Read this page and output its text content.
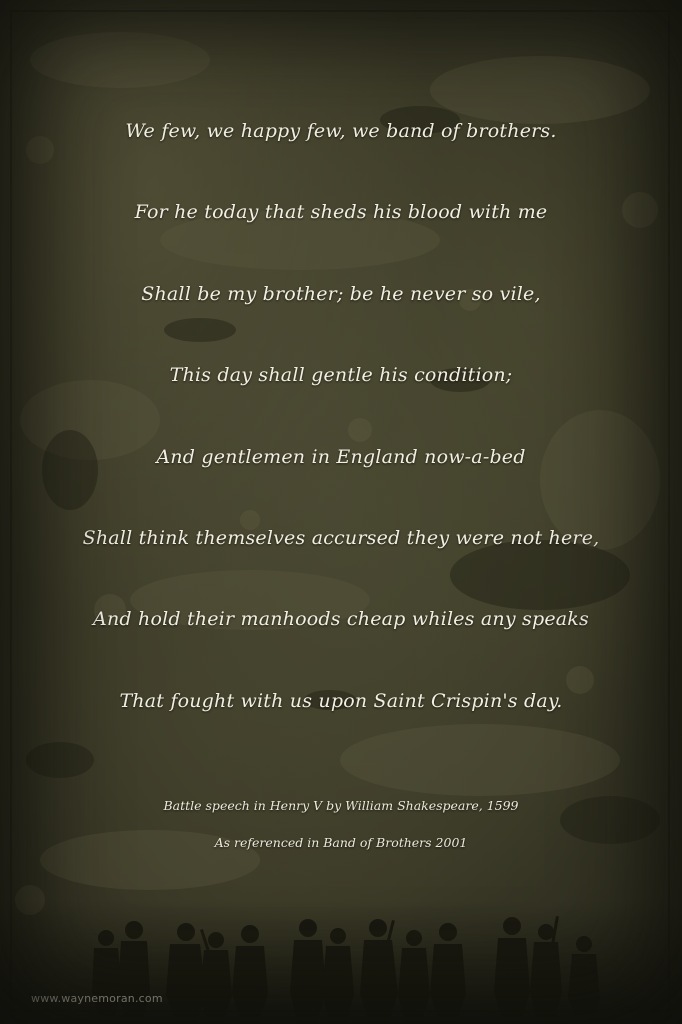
We few, we happy few, we band of brothers.
For he today that sheds his blood with me
Shall be my brother; be he never so vile,
This day shall gentle his condition;
And gentlemen in England now-a-bed
Shall think themselves accursed they were not here,
And hold their manhoods cheap whiles any speaks
That fought with us upon Saint Crispin's day.
Battle speech in Henry V by William Shakespeare, 1599
As referenced in Band of Brothers 2001
www.waynemoran.com
